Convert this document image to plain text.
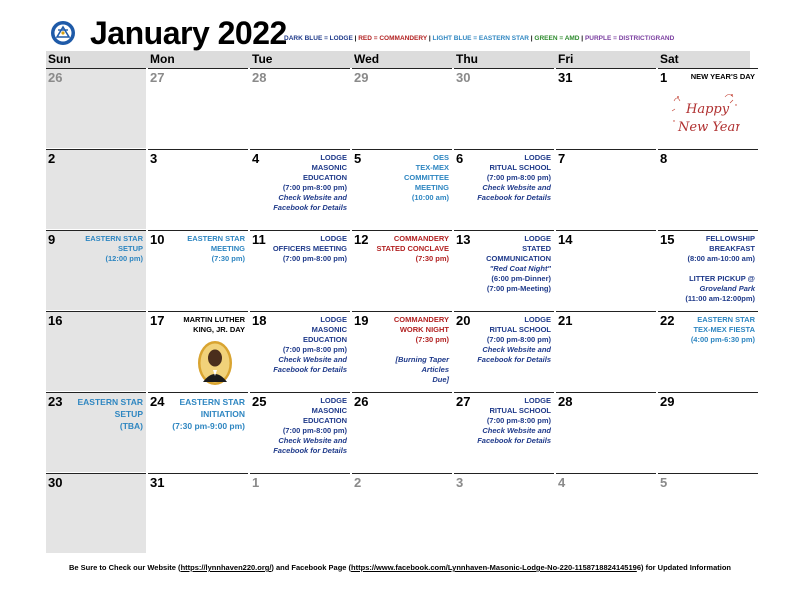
January 2022
DARK BLUE = LODGE | RED = COMMANDERY | LIGHT BLUE = EASTERN STAR | GREEN = AMD | PURPLE = DISTRICT/GRAND
Sun	Mon	Tue	Wed	Thu	Fri	Sat
26	27	28	29	30	31	1	NEW YEAR'S DAY
Happy
New Year
2	3	4	LODGE
MASONIC EDUCATION
(7:00 pm-8:00 pm)
Check Website and
Facebook for Details
5	OES
TEX-MEX COMMITTEE
MEETING
(10:00 am)
6	LODGE
RITUAL SCHOOL
(7:00 pm-8:00 pm)
Check Website and
Facebook for Details
7	8
9	EASTERN STAR
SETUP
(12:00 pm)
10	EASTERN STAR
MEETING
(7:30 pm)
11	LODGE
OFFICERS MEETING
(7:00 pm-8:00 pm)
12	COMMANDERY
STATED CONCLAVE
(7:30 pm)
13	LODGE
STATED
COMMUNICATION
"Red Coat Night"
(6:00 pm-Dinner)
(7:00 pm-Meeting)
14	15	FELLOWSHIP
BREAKFAST
(8:00 am-10:00 am)

LITTER PICKUP @
Groveland Park
(11:00 am-12:00pm)
16	17	MARTIN LUTHER
KING, JR. DAY
18	LODGE
MASONIC EDUCATION
(7:00 pm-8:00 pm)
Check Website and
Facebook for Details
19	COMMANDERY
WORK NIGHT
(7:30 pm)

[Burning Taper Articles
Due]
20	LODGE
RITUAL SCHOOL
(7:00 pm-8:00 pm)
Check Website and
Facebook for Details
21	22	EASTERN STAR
TEX-MEX FIESTA
(4:00 pm-6:30 pm)
23	EASTERN STAR
SETUP
(TBA)
24	EASTERN STAR
INITIATION
(7:30 pm-9:00 pm)
25	LODGE
MASONIC EDUCATION
(7:00 pm-8:00 pm)
Check Website and
Facebook for Details
26	27	LODGE
RITUAL SCHOOL
(7:00 pm-8:00 pm)
Check Website and
Facebook for Details
28	29
30	31	1	2	3	4	5
Be Sure to Check our Website (https://lynnhaven220.org/) and Facebook Page (https://www.facebook.com/Lynnhaven-Masonic-Lodge-No-220-1158718824145196) for Updated Information
